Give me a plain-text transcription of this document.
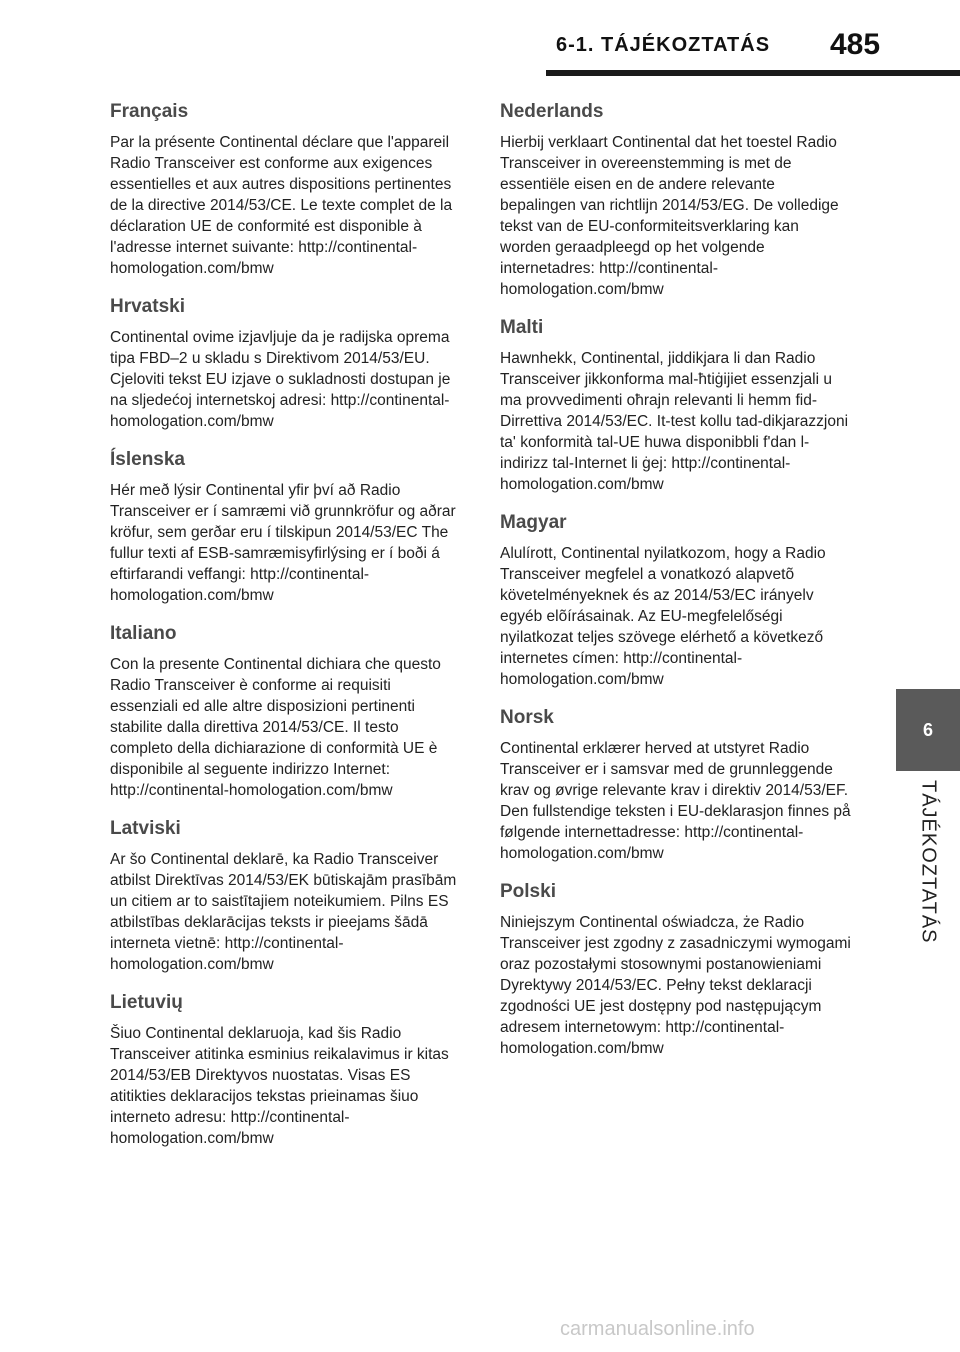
6-1. TÁJÉKOZTATÁS 485
Français

Par la présente Continental déclare que l'appareil Radio Transceiver est conforme aux exigences essentielles et aux autres dispositions pertinentes de la directive 2014/53/CE. Le texte complet de la déclaration UE de conformité est disponible à l'adresse internet suivante: http://continental-homologation.com/bmw

Hrvatski

Continental ovime izjavljuje da je radijska oprema tipa FBD–2 u skladu s Direktivom 2014/53/EU. Cjeloviti tekst EU izjave o sukladnosti dostupan je na sljedećoj internetskoj adresi: http://continental-homologation.com/bmw

Íslenska

Hér með lýsir Continental yfir því að Radio Transceiver er í samræmi við grunnkröfur og aðrar kröfur, sem gerðar eru í tilskipun 2014/53/EC The fullur texti af ESB-samræmisyfirlýsing er í boði á eftirfarandi veffangi: http://continental-homologation.com/bmw

Italiano

Con la presente Continental dichiara che questo Radio Transceiver è conforme ai requisiti essenziali ed alle altre disposizioni pertinenti stabilite dalla direttiva 2014/53/CE. Il testo completo della dichiarazione di conformità UE è disponibile al seguente indirizzo Internet: http://continental-homologation.com/bmw

Latviski

Ar šo Continental deklarē, ka Radio Transceiver atbilst Direktīvas 2014/53/EK būtiskajām prasībām un citiem ar to saistītajiem noteikumiem. Pilns ES atbilstības deklarācijas teksts ir pieejams šādā interneta vietnē: http://continental-homologation.com/bmw

Lietuvių

Šiuo Continental deklaruoja, kad šis Radio Transceiver atitinka esminius reikalavimus ir kitas 2014/53/EB Direktyvos nuostatas. Visas ES atitikties deklaracijos tekstas prieinamas šiuo interneto adresu: http://continental-homologation.com/bmw

Nederlands

Hierbij verklaart Continental dat het toestel Radio Transceiver in overeenstemming is met de essentiële eisen en de andere relevante bepalingen van richtlijn 2014/53/EG. De volledige tekst van de EU-conformiteitsverklaring kan worden geraadpleegd op het volgende internetadres: http://continental-homologation.com/bmw

Malti

Hawnhekk, Continental, jiddikjara li dan Radio Transceiver jikkonforma mal-ħtiġijiet essenzjali u ma provvedimenti oħrajn relevanti li hemm fid-Dirrettiva 2014/53/EC. It-test kollu tad-dikjarazzjoni ta' konformità tal-UE huwa disponibbli f'dan l-indirizz tal-Internet li ġej: http://continental-homologation.com/bmw

Magyar

Alulírott, Continental nyilatkozom, hogy a Radio Transceiver megfelel a vonatkozó alapvetõ követelményeknek és az 2014/53/EC irányelv egyéb elõírásainak. Az EU-megfelelőségi nyilatkozat teljes szövege elérhető a következő internetes címen: http://continental-homologation.com/bmw

Norsk

Continental erklærer herved at utstyret Radio Transceiver er i samsvar med de grunnleggende krav og øvrige relevante krav i direktiv 2014/53/EF. Den fullstendige teksten i EU-deklarasjon finnes på følgende internettadresse: http://continental-homologation.com/bmw

Polski

Niniejszym Continental oświadcza, że Radio Transceiver jest zgodny z zasadniczymi wymogami oraz pozostałymi stosownymi postanowieniami Dyrektywy 2014/53/EC. Pełny tekst deklaracji zgodności UE jest dostępny pod następującym adresem internetowym: http://continental-homologation.com/bmw

6
TÁJÉKOZTATÁS
carmanualsonline.info
